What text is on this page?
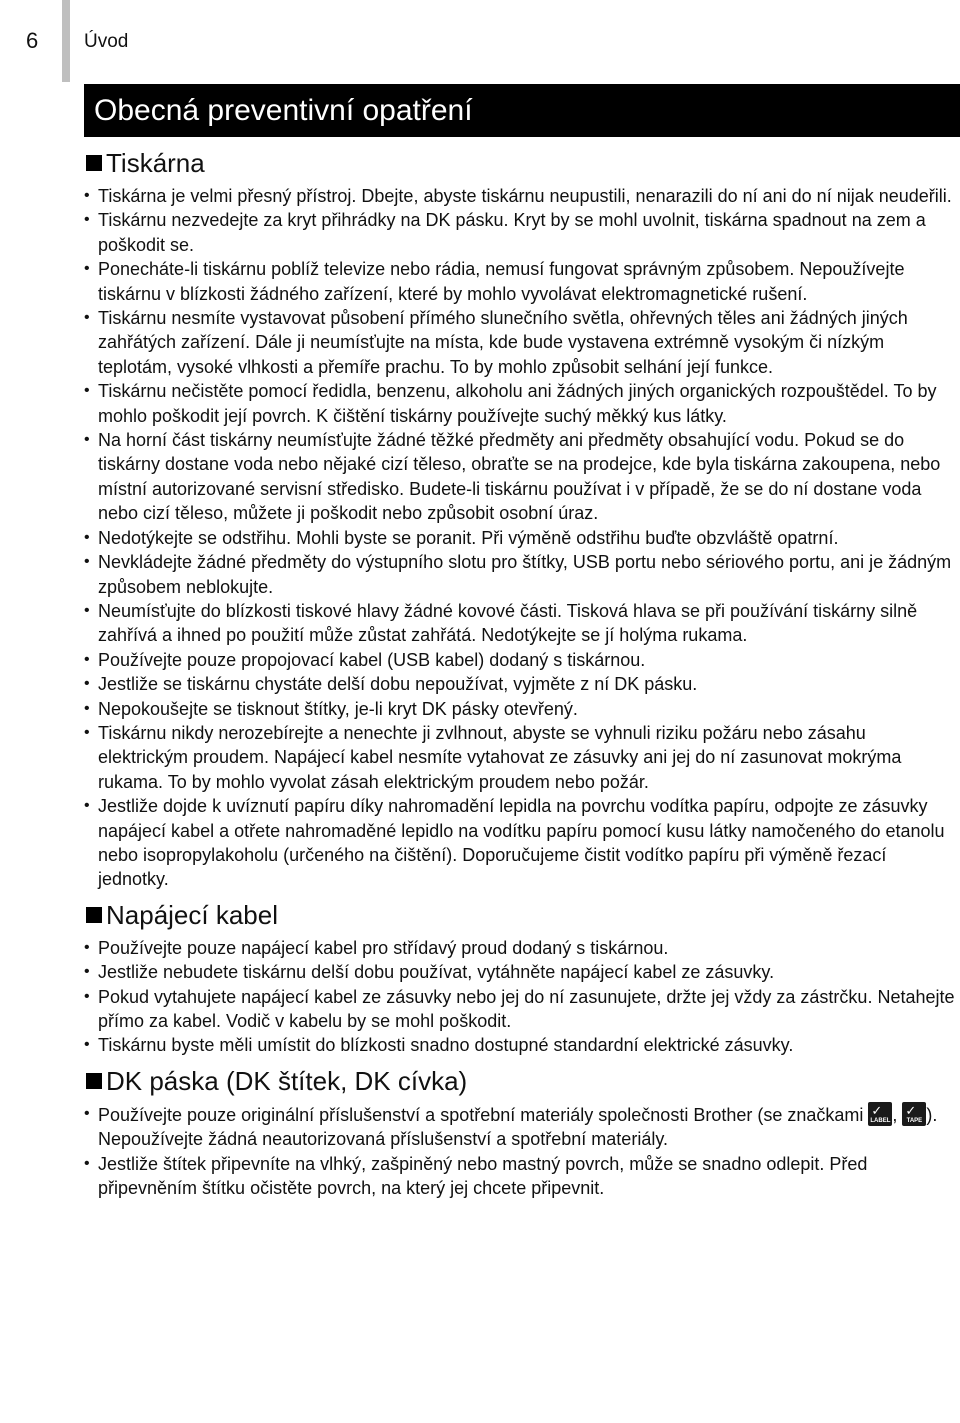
6 Úvod
Obecná preventivní opatření
Tiskárna
• Tiskárna je velmi přesný přístroj. Dbejte, abyste tiskárnu neupustili, nenarazili do ní ani do ní nijak neudeřili.
• Tiskárnu nezvedejte za kryt přihrádky na DK pásku. Kryt by se mohl uvolnit, tiskárna spadnout na zem a poškodit se.
• Ponecháte-li tiskárnu poblíž televize nebo rádia, nemusí fungovat správným způsobem. Nepoužívejte tiskárnu v blízkosti žádného zařízení, které by mohlo vyvolávat elektromagnetické rušení.
• Tiskárnu nesmíte vystavovat působení přímého slunečního světla, ohřevných těles ani žádných jiných zahřátých zařízení. Dále ji neumísťujte na místa, kde bude vystavena extrémně vysokým či nízkým teplotám, vysoké vlhkosti a přemíře prachu. To by mohlo způsobit selhání její funkce.
• Tiskárnu nečistěte pomocí ředidla, benzenu, alkoholu ani žádných jiných organických rozpouštědel. To by mohlo poškodit její povrch. K čištění tiskárny používejte suchý měkký kus látky.
• Na horní část tiskárny neumísťujte žádné těžké předměty ani předměty obsahující vodu. Pokud se do tiskárny dostane voda nebo nějaké cizí těleso, obraťte se na prodejce, kde byla tiskárna zakoupena, nebo místní autorizované servisní středisko. Budete-li tiskárnu používat i v případě, že se do ní dostane voda nebo cizí těleso, můžete ji poškodit nebo způsobit osobní úraz.
• Nedotýkejte se odstřihu. Mohli byste se poranit. Při výměně odstřihu buďte obzvláště opatrní.
• Nevkládejte žádné předměty do výstupního slotu pro štítky, USB portu nebo sériového portu, ani je žádným způsobem neblokujte.
• Neumísťujte do blízkosti tiskové hlavy žádné kovové části. Tisková hlava se při používání tiskárny silně zahřívá a ihned po použití může zůstat zahřátá. Nedotýkejte se jí holýma rukama.
• Používejte pouze propojovací kabel (USB kabel) dodaný s tiskárnou.
• Jestliže se tiskárnu chystáte delší dobu nepoužívat, vyjměte z ní DK pásku.
• Nepokoušejte se tisknout štítky, je-li kryt DK pásky otevřený.
• Tiskárnu nikdy nerozebírejte a nenechte ji zvlhnout, abyste se vyhnuli riziku požáru nebo zásahu elektrickým proudem. Napájecí kabel nesmíte vytahovat ze zásuvky ani jej do ní zasunovat mokrýma rukama. To by mohlo vyvolat zásah elektrickým proudem nebo požár.
• Jestliže dojde k uvíznutí papíru díky nahromadění lepidla na povrchu vodítka papíru, odpojte ze zásuvky napájecí kabel a otřete nahromaděné lepidlo na vodítku papíru pomocí kusu látky namočeného do etanolu nebo isopropylakoholu (určeného na čištění). Doporučujeme čistit vodítko papíru při výměně řezací jednotky.
Napájecí kabel
• Používejte pouze napájecí kabel pro střídavý proud dodaný s tiskárnou.
• Jestliže nebudete tiskárnu delší dobu používat, vytáhněte napájecí kabel ze zásuvky.
• Pokud vytahujete napájecí kabel ze zásuvky nebo jej do ní zasunujete, držte jej vždy za zástrčku. Netahejte přímo za kabel. Vodič v kabelu by se mohl poškodit.
• Tiskárnu byste měli umístit do blízkosti snadno dostupné standardní elektrické zásuvky.
DK páska (DK štítek, DK cívka)
• Používejte pouze originální příslušenství a spotřební materiály společnosti Brother (se značkami ✓
LABEL , ✓
TAPE ). Nepoužívejte žádná neautorizovaná příslušenství a spotřební materiály.
• Jestliže štítek připevníte na vlhký, zašpiněný nebo mastný povrch, může se snadno odlepit. Před připevněním štítku očistěte povrch, na který jej chcete připevnit.
